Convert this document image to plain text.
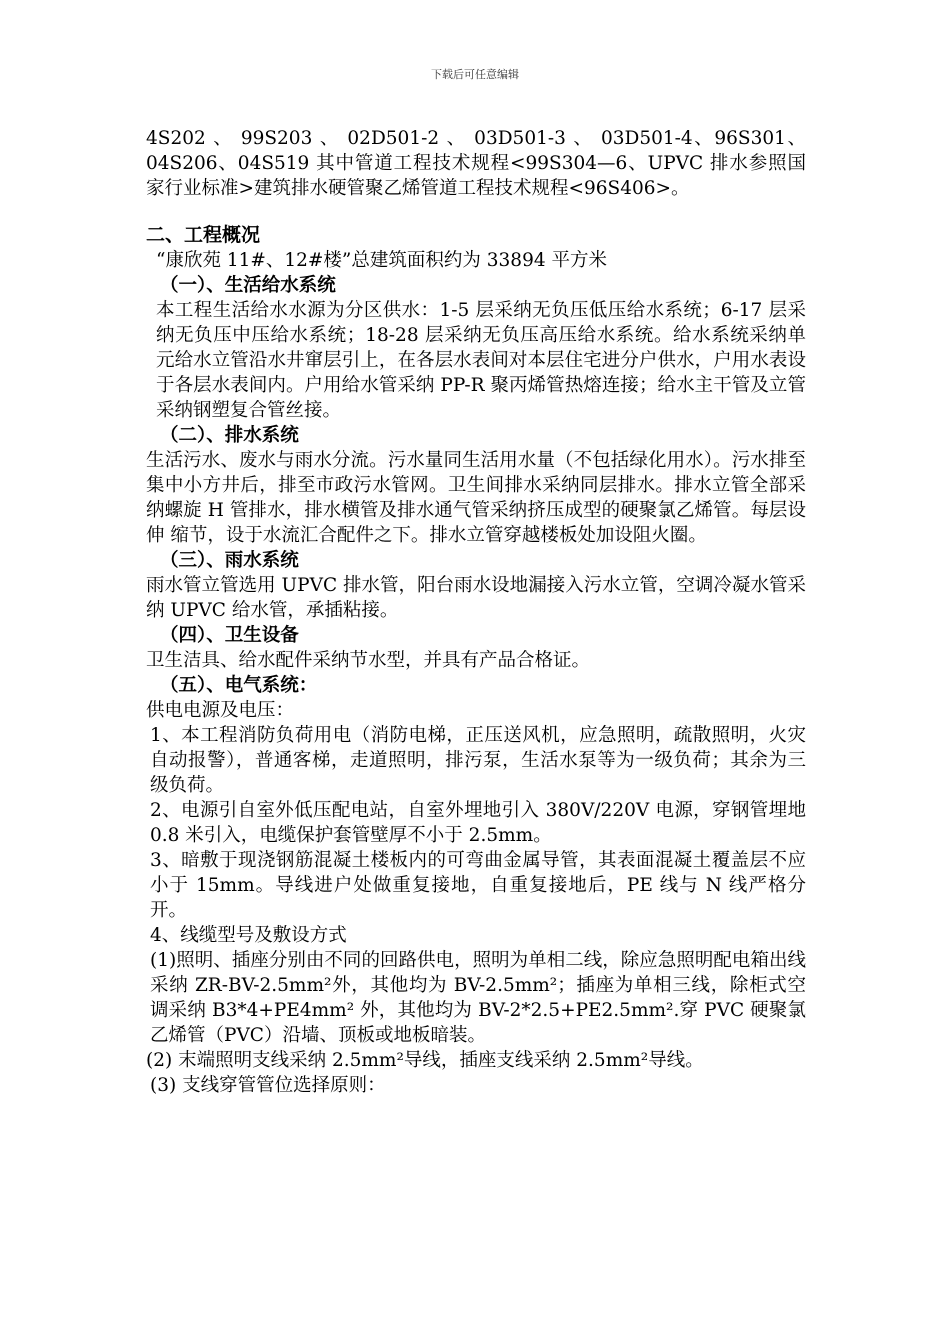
下载后可任意编辑

4S202 、 99S203 、 02D501-2 、 03D501-3 、 03D501-4、96S301、04S206、04S519 其中管道工程技术规程<99S304—6、UPVC 排水参照国家行业标准>建筑排水硬管聚乙烯管道工程技术规程<96S406>。

二、工程概况

“康欣苑 11#、12#楼”总建筑面积约为 33894 平方米

（一）、生活给水系统

本工程生活给水水源为分区供水：1-5 层采纳无负压低压给水系统；6-17 层采纳无负压中压给水系统；18-28 层采纳无负压高压给水系统。给水系统采纳单元给水立管沿水井窜层引上，在各层水表间对本层住宅进分户供水，户用水表设于各层水表间内。户用给水管采纳 PP-R 聚丙烯管热熔连接；给水主干管及立管采纳钢塑复合管丝接。

（二）、排水系统

生活污水、废水与雨水分流。污水量同生活用水量（不包括绿化用水）。污水排至集中小方井后，排至市政污水管网。卫生间排水采纳同层排水。排水立管全部采纳螺旋 H 管排水，排水横管及排水通气管采纳挤压成型的硬聚氯乙烯管。每层设伸 缩节，设于水流汇合配件之下。排水立管穿越楼板处加设阻火圈。

（三）、雨水系统

雨水管立管选用 UPVC 排水管，阳台雨水设地漏接入污水立管，空调冷凝水管采纳 UPVC 给水管，承插粘接。

（四）、卫生设备

卫生洁具、给水配件采纳节水型，并具有产品合格证。

（五）、电气系统：

供电电源及电压：

1、本工程消防负荷用电（消防电梯，正压送风机，应急照明，疏散照明，火灾自动报警），普通客梯，走道照明，排污泵，生活水泵等为一级负荷；其余为三级负荷。

2、电源引自室外低压配电站，自室外埋地引入 380V/220V 电源，穿钢管埋地 0.8 米引入，电缆保护套管壁厚不小于 2.5mm。

3、暗敷于现浇钢筋混凝土楼板内的可弯曲金属导管，其表面混凝土覆盖层不应小于 15mm。导线进户处做重复接地，自重复接地后，PE 线与 N 线严格分开。

4、线缆型号及敷设方式

(1)照明、插座分别由不同的回路供电，照明为单相二线，除应急照明配电箱出线采纳 ZR-BV-2.5mm²外，其他均为 BV-2.5mm²；插座为单相三线，除柜式空调采纳 B3*4+PE4mm² 外，其他均为 BV-2*2.5+PE2.5mm².穿 PVC 硬聚氯乙烯管（PVC）沿墙、顶板或地板暗装。

(2) 末端照明支线采纳 2.5mm²导线，插座支线采纳 2.5mm²导线。

(3) 支线穿管管位选择原则：
